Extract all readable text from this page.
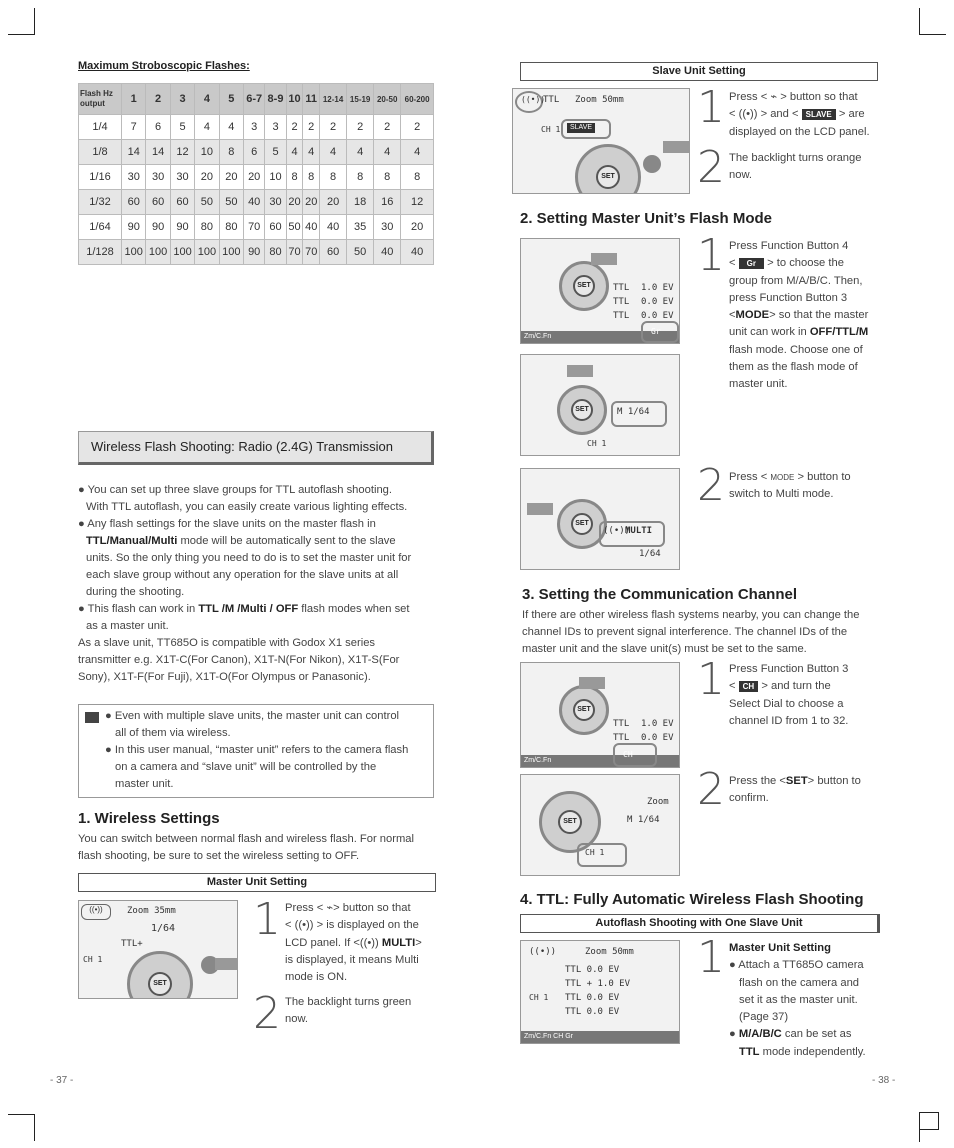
Maximum Stroboscopic Flashes:
Flash Hz
output	1	2	3	4	5	6-7	8-9	10	11	12-14	15-19	20-50	60-200
1/4	7	6	5	4	4	3	3	2	2	2	2	2	2
1/8	14	14	12	10	8	6	5	4	4	4	4	4	4
1/16	30	30	30	20	20	20	10	8	8	8	8	8	8
1/32	60	60	60	50	50	40	30	20	20	20	18	16	12
1/64	90	90	90	80	80	70	60	50	40	40	35	30	20
1/128	100	100	100	100	100	90	80	70	70	60	50	40	40
Wireless Flash Shooting: Radio (2.4G) Transmission

● You can set up three slave groups for TTL autoflash shooting.

With TTL autoflash, you can easily create various lighting effects.

● Any flash settings for the slave units on the master flash in

TTL/Manual/Multi mode will be automatically sent to the slave

units. So the only thing you need to do is to set the master unit for

each slave group without any operation for the slave units at all

during the shooting.

● This flash can work in TTL /M /Multi / OFF flash modes when set

as a master unit.

As a slave unit, TT685O is compatible with Godox X1 series

transmitter e.g. X1T-C(For Canon), X1T-N(For Nikon), X1T-S(For

Sony), X1T-F(For Fuji), X1T-O(For Olympus or Panasonic).

● Even with multiple slave units, the master unit can control

all of them via wireless.

● In this user manual, “master unit” refers to the camera flash

on a camera and “slave unit” will be controlled by the

master unit.

1. Wireless Settings

You can switch between normal flash and wireless flash. For normal

flash shooting, be sure to set the wireless setting to OFF.

Master Unit Setting
((•))	Zoom 35mm
1/64
TTL+
CH 1
SET
1 Press < ⌁> button so that
< ((•)) > is displayed on the
LCD panel. If <((•)) MULTI>
is displayed, it means Multi
mode is ON.
2 The backlight turns green
now.
- 37 -
Slave Unit Setting
((•))
TTL Zoom 50mm
CH 1	SLAVE
SET
1 Press < ⌁ > button so that
< ((•)) > and < SLAVE > are
displayed on the LCD panel.
2 The backlight turns orange
now.
2. Setting Master Unit’s Flash Mode
SET	TTL 1.0 EV
TTL 0.0 EV
TTL 0.0 EV
Zm/C.Fn
Gr
SET	M 1/64
CH 1
1 Press Function Button 4
< Gr > to choose the
group from M/A/B/C. Then,
press Function Button 3
<MODE> so that the master
unit can work in OFF/TTL/M
flash mode. Choose one of
them as the flash mode of
master unit.
SET
((•))
MULTI
1/64
2 Press < MODE > button to
switch to Multi mode.
3. Setting the Communication Channel

If there are other wireless flash systems nearby, you can change the

channel IDs to prevent signal interference. The channel IDs of the

master unit and the slave unit(s) must be set to the same.

SET
TTL 1.0 EV
TTL 0.0 EV
Zm/C.Fn
CH
SET
Zoom
M 1/64
CH 1
1 Press Function Button 3
< CH > and turn the
Select Dial to choose a
channel ID from 1 to 32.
2 Press the <SET> button to
confirm.
4. TTL: Fully Automatic Wireless Flash Shooting
Autoflash Shooting with One Slave Unit
((•))	Zoom 50mm
TTL 0.0 EV
TTL + 1.0 EV
TTL 0.0 EV
TTL 0.0 EV
CH 1
Zm/C.Fn CH Gr
1 Master Unit Setting
● Attach a TT685O camera
flash on the camera and
set it as the master unit.
(Page 37)
● M/A/B/C can be set as
TTL mode independently.
- 38 -
